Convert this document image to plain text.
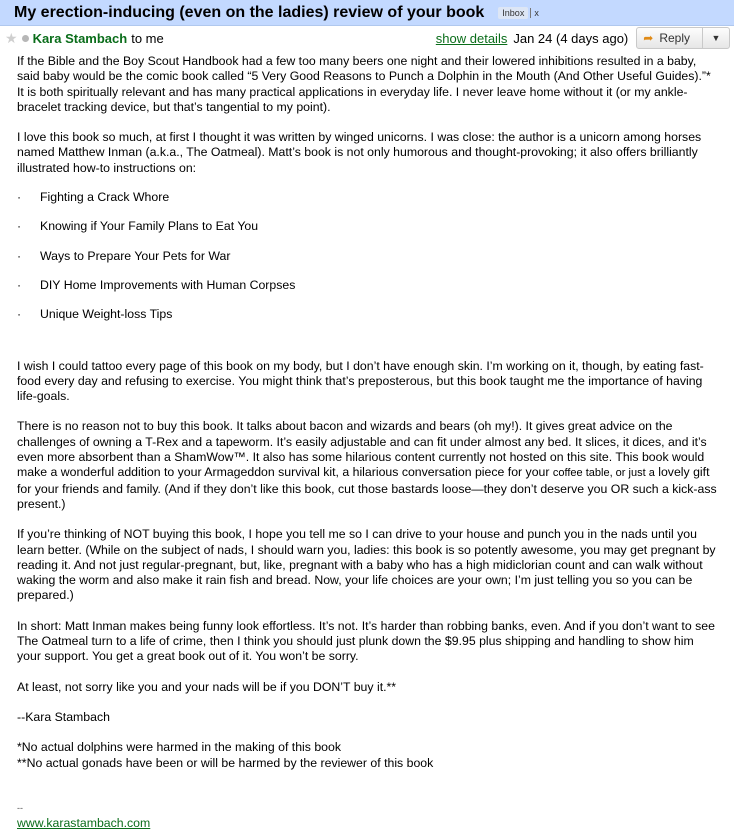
My erection-inducing (even on the ladies) review of your book	Inbox	x
★ Kara Stambach to me	show details Jan 24 (4 days ago) ➦ Reply ▼

If the Bible and the Boy Scout Handbook had a few too many beers one night and their lowered inhibitions resulted in a baby, said baby would be the comic book called “5 Very Good Reasons to Punch a Dolphin in the Mouth (And Other Useful Guides).”* It is both spiritually relevant and has many practical applications in everyday life. I never leave home without it (or my ankle-bracelet tracking device, but that’s tangential to my point).

I love this book so much, at first I thought it was written by winged unicorns. I was close: the author is a unicorn among horses named Matthew Inman (a.k.a., The Oatmeal). Matt’s book is not only humorous and thought-provoking; it also offers brilliantly illustrated how-to instructions on:

·	Fighting a Crack Whore
·	Knowing if Your Family Plans to Eat You
·	Ways to Prepare Your Pets for War
·	DIY Home Improvements with Human Corpses
·	Unique Weight-loss Tips

I wish I could tattoo every page of this book on my body, but I don’t have enough skin. I’m working on it, though, by eating fast-food every day and refusing to exercise. You might think that’s preposterous, but this book taught me the importance of having life-goals.

There is no reason not to buy this book. It talks about bacon and wizards and bears (oh my!). It gives great advice on the challenges of owning a T-Rex and a tapeworm. It’s easily adjustable and can fit under almost any bed. It slices, it dices, and it’s even more absorbent than a ShamWow™. It also has some hilarious content currently not hosted on this site. This book would make a wonderful addition to your Armageddon survival kit, a hilarious conversation piece for your coffee table, or just a lovely gift for your friends and family. (And if they don’t like this book, cut those bastards loose—they don’t deserve you OR such a kick-ass present.)

If you’re thinking of NOT buying this book, I hope you tell me so I can drive to your house and punch you in the nads until you learn better. (While on the subject of nads, I should warn you, ladies: this book is so potently awesome, you may get pregnant by reading it. And not just regular-pregnant, but, like, pregnant with a baby who has a high midiclorian count and can walk without waking the worm and also make it rain fish and bread. Now, your life choices are your own; I’m just telling you so you can be prepared.)

In short: Matt Inman makes being funny look effortless. It’s not. It’s harder than robbing banks, even. And if you don’t want to see The Oatmeal turn to a life of crime, then I think you should just plunk down the $9.95 plus shipping and handling to show him your support. You get a great book out of it. You won’t be sorry.

At least, not sorry like you and your nads will be if you DON’T buy it.**

--Kara Stambach

*No actual dolphins were harmed in the making of this book

**No actual gonads have been or will be harmed by the reviewer of this book

--

www.karastambach.com
